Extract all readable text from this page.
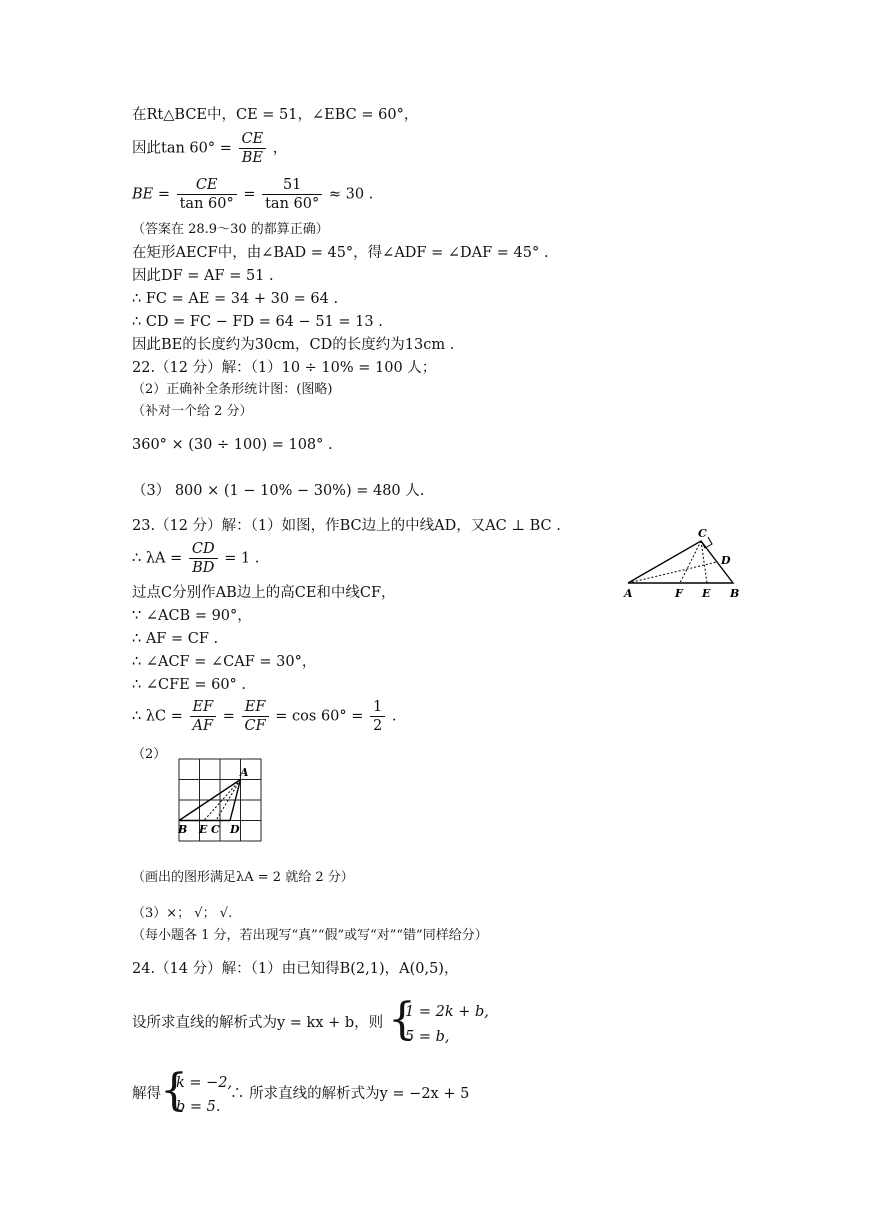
在Rt△BCE中，CE = 51，∠EBC = 60°，
因此$\tan 60^\circ = \frac{CE}{BE}$ ，
BE = $\frac{CE}{\tan 60^\circ} = \frac{51}{\tan 60^\circ} \approx 30$ .
（答案在 28.9～30 的都算正确）
在矩形AECF中，由∠BAD = 45°，得∠ADF = ∠DAF = 45° .
因此DF = AF = 51 .
∴ FC = AE = 34 + 30 = 64 .
∴ CD = FC − FD = 64 − 51 = 13 .
因此BE的长度约为30cm，CD的长度约为13cm .
22.（12 分）解：（1）10 ÷ 10% = 100 人；
（2）正确补全条形统计图：(图略)
（补对一个给 2 分）
360° × (30 ÷ 100) = 108° .
（3） 800 × (1 − 10% − 30%) = 480 人.
23.（12 分）解：（1）如图，作BC边上的中线AD，又AC ⊥ BC .
∴ $\lambda A = \frac{CD}{BD} = 1$ .
过点C分别作AB边上的高CE和中线CF，
∵ ∠ACB = 90°，
∴ AF = CF .
∴ ∠ACF = ∠CAF = 30°，
∴ ∠CFE = 60° .
∴ $\lambda C = \frac{EF}{AF} = \frac{EF}{CF} = \cos 60^\circ = \frac{1}{2}$ .
（2）
A
B E C D
（画出的图形满足λA = 2 就给 2 分）
（3）×； √； √.
（每小题各 1 分，若出现写“真”“假”或写“对”“错”同样给分）
24.（14 分）解：（1）由已知得B(2,1)，A(0,5)，
设所求直线的解析式为y = kx + b，则 {
1 = 2k + b,
5 = b,
解得 {
k = −2,
b = 5.
∴ 所求直线的解析式为y = −2x + 5
C
D
A	F E B
